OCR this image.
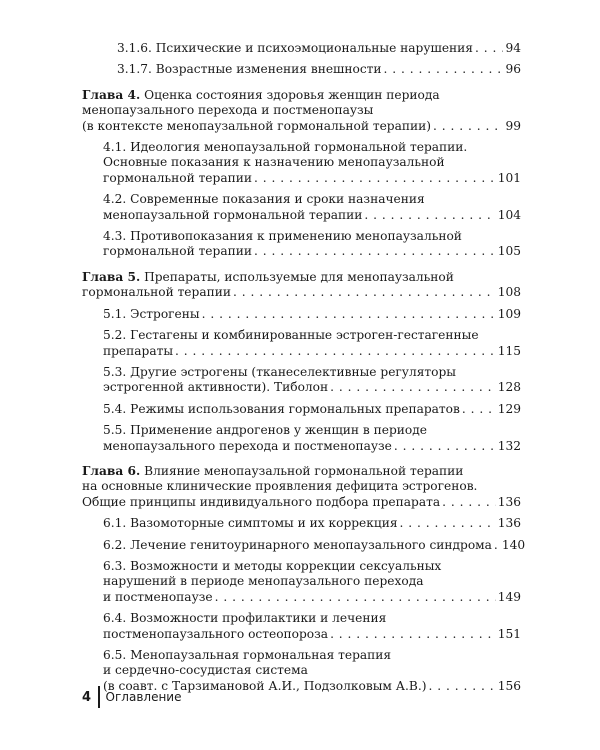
3.1.6. Психические и психоэмоциональные нарушения . . .	94
3.1.7. Возрастные изменения внешности . . .	96
Глава 4. Оценка состояния здоровья женщин периода
менопаузального перехода и постменопаузы
(в контексте менопаузальной гормональной терапии) . . .	99
4.1. Идеология менопаузальной гормональной терапии.
Основные показания к назначению менопаузальной
гормональной терапии . . .	101
4.2. Современные показания и сроки назначения
менопаузальной гормональной терапии . . .	104
4.3. Противопоказания к применению менопаузальной
гормональной терапии . . .	105
Глава 5. Препараты, используемые для менопаузальной
гормональной терапии . . .	108
5.1. Эстрогены . . .	109
5.2. Гестагены и комбинированные эстроген-гестагенные
препараты . . .	115
5.3. Другие эстрогены (тканеселективные регуляторы
эстрогенной активности). Тиболон . . .	128
5.4. Режимы использования гормональных препаратов . . .	129
5.5. Применение андрогенов у женщин в периоде
менопаузального перехода и постменопаузе . . .	132
Глава 6. Влияние менопаузальной гормональной терапии
на основные клинические проявления дефицита эстрогенов.
Общие принципы индивидуального подбора препарата . . .	136
6.1. Вазомоторные симптомы и их коррекция . . .	136
6.2. Лечение генитоуринарного менопаузального синдрома . . . 140
6.3. Возможности и методы коррекции сексуальных
нарушений в периоде менопаузального перехода
и постменопаузе . . .	149
6.4. Возможности профилактики и лечения
постменопаузального остеопороза . . .	151
6.5. Менопаузальная гормональная терапия
и сердечно-сосудистая система
(в соавт. с Тарзимановой А.И., Подзолковым А.В.) . . .	156
4	Оглавление
